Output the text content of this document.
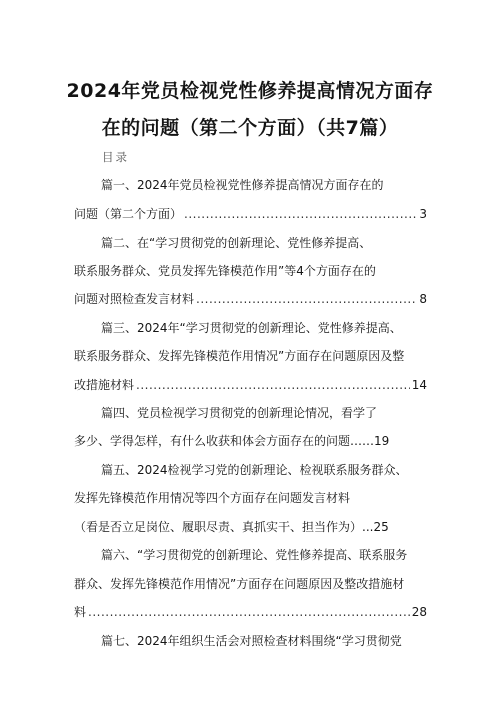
2024年党员检视党性修养提高情况方面存
在的问题（第二个方面）（共7篇）
目录
篇一、2024年党员检视党性修养提高情况方面存在的
问题（第二个方面） .....	3
篇二、在“学习贯彻党的创新理论、党性修养提高、
联系服务群众、党员发挥先锋模范作用”等4个方面存在的
问题对照检查发言材料 .....	8
篇三、2024年“学习贯彻党的创新理论、党性修养提高、
联系服务群众、发挥先锋模范作用情况”方面存在问题原因及整
改措施材料 .....	14
篇四、党员检视学习贯彻党的创新理论情况，看学了
多少、学得怎样，有什么收获和体会方面存在的问题……19
篇五、2024检视学习党的创新理论、检视联系服务群众、
发挥先锋模范作用情况等四个方面存在问题发言材料
（看是否立足岗位、履职尽责、真抓实干、担当作为）...25
篇六、“学习贯彻党的创新理论、党性修养提高、联系服务
群众、发挥先锋模范作用情况”方面存在问题原因及整改措施材
料 .....	28
篇七、2024年组织生活会对照检查材料围绕“学习贯彻党
